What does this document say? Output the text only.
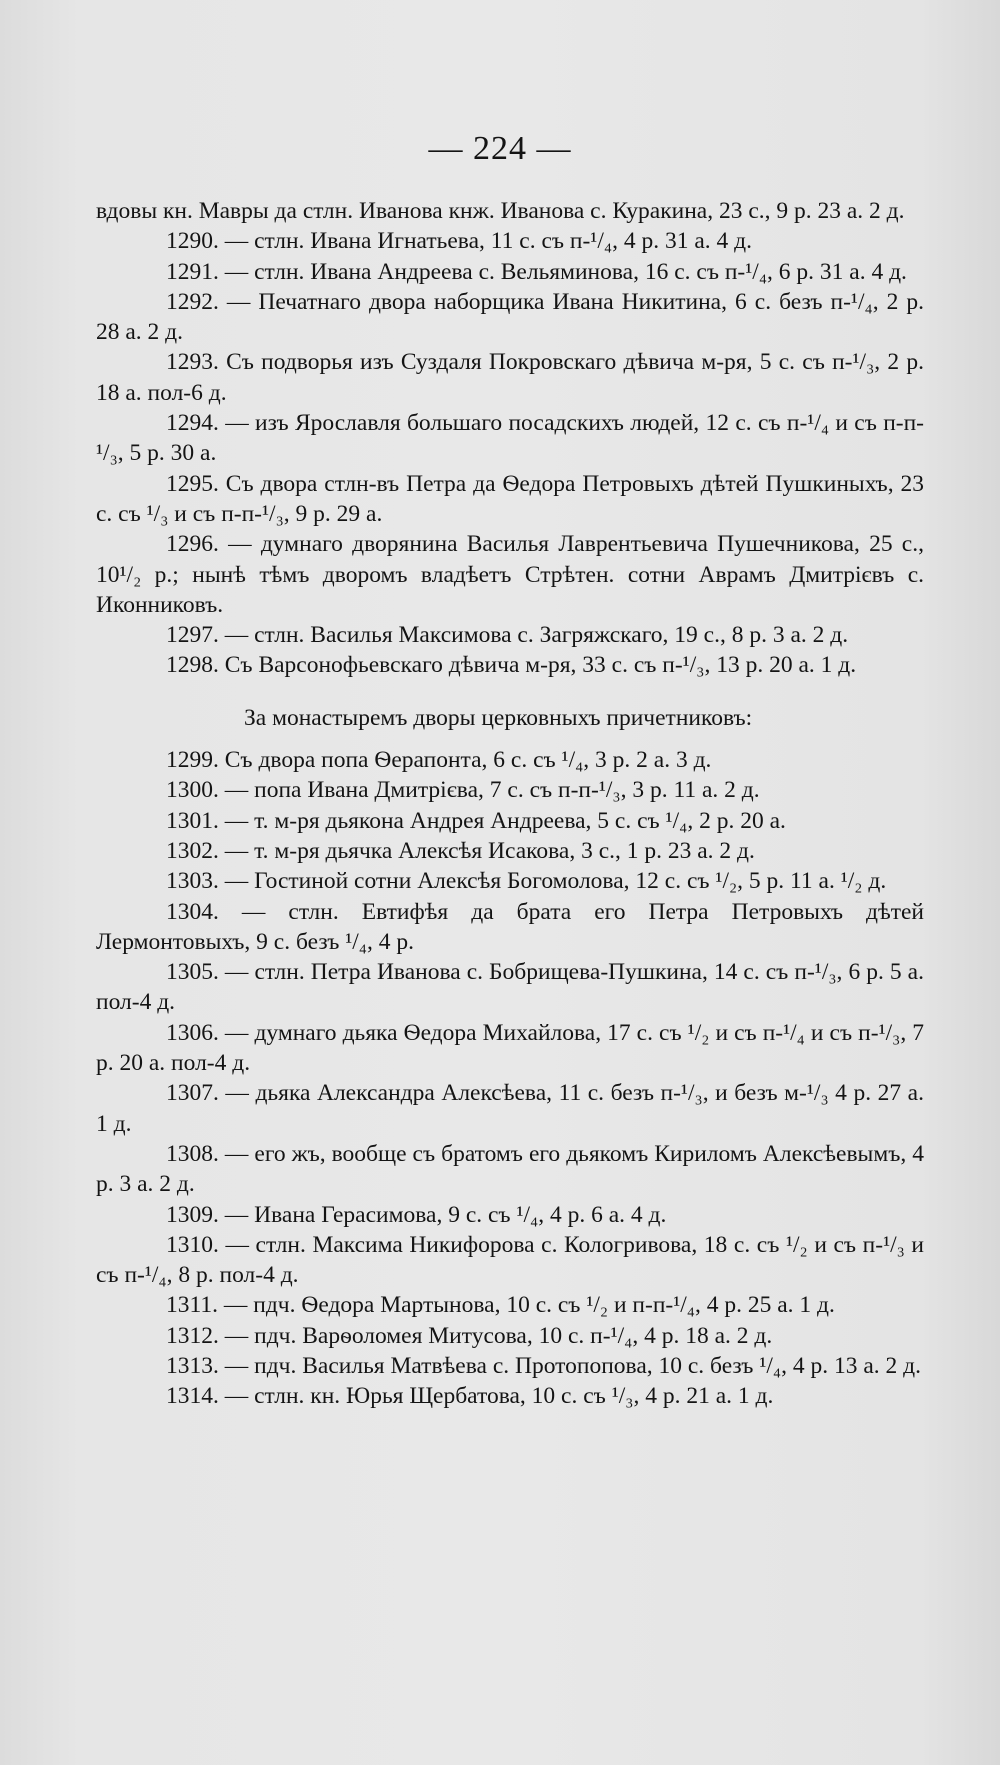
— 224 —

вдовы кн. Мавры да стлн. Иванова кнж. Иванова с. Куракина, 23 с., 9 р. 23 а. 2 д.

1290. — стлн. Ивана Игнатьева, 11 с. съ п-¹/₄, 4 р. 31 а. 4 д.

1291. — стлн. Ивана Андреева с. Вельяминова, 16 с. съ п-¹/₄, 6 р. 31 а. 4 д.

1292. — Печатнаго двора наборщика Ивана Никитина, 6 с. безъ п-¹/₄, 2 р. 28 а. 2 д.

1293. Съ подворья изъ Суздаля Покровскаго дѣвича м-ря, 5 с. съ п-¹/₃, 2 р. 18 а. пол-6 д.

1294. — изъ Ярославля большаго посадскихъ людей, 12 с. съ п-¹/₄ и съ п-п-¹/₃, 5 р. 30 а.

1295. Съ двора стлн-въ Петра да Ѳедора Петровыхъ дѣтей Пушкиныхъ, 23 с. съ ¹/₃ и съ п-п-¹/₃, 9 р. 29 а.

1296. — думнаго дворянина Василья Лаврентьевича Пушечникова, 25 с., 10¹/₂ р.; нынѣ тѣмъ дворомъ владѣетъ Стрѣтен. сотни Аврамъ Дмитрієвъ с. Иконниковъ.

1297. — стлн. Василья Максимова с. Загряжскаго, 19 с., 8 р. 3 а. 2 д.

1298. Съ Варсонофьевскаго дѣвича м-ря, 33 с. съ п-¹/₃, 13 р. 20 а. 1 д.

За монастыремъ дворы церковныхъ причетниковъ:

1299. Съ двора попа Ѳерапонта, 6 с. съ ¹/₄, 3 р. 2 а. 3 д.

1300. — попа Ивана Дмитрієва, 7 с. съ п-п-¹/₃, 3 р. 11 а. 2 д.

1301. — т. м-ря дьякона Андрея Андреева, 5 с. съ ¹/₄, 2 р. 20 а.

1302. — т. м-ря дьячка Алексѣя Исакова, 3 с., 1 р. 23 а. 2 д.

1303. — Гостиной сотни Алексѣя Богомолова, 12 с. съ ¹/₂, 5 р. 11 а. ¹/₂ д.

1304. — стлн. Евтифѣя да брата его Петра Петровыхъ дѣтей Лермонтовыхъ, 9 с. безъ ¹/₄, 4 р.

1305. — стлн. Петра Иванова с. Бобрищева-Пушкина, 14 с. съ п-¹/₃, 6 р. 5 а. пол-4 д.

1306. — думнаго дьяка Ѳедора Михайлова, 17 с. съ ¹/₂ и съ п-¹/₄ и съ п-¹/₃, 7 р. 20 а. пол-4 д.

1307. — дьяка Александра Алексѣева, 11 с. безъ п-¹/₃, и безъ м-¹/₃ 4 р. 27 а. 1 д.

1308. — его жъ, вообще съ братомъ его дьякомъ Кириломъ Алексѣевымъ, 4 р. 3 а. 2 д.

1309. — Ивана Герасимова, 9 с. съ ¹/₄, 4 р. 6 а. 4 д.

1310. — стлн. Максима Никифорова с. Кологривова, 18 с. съ ¹/₂ и съ п-¹/₃ и съ п-¹/₄, 8 р. пол-4 д.

1311. — пдч. Ѳедора Мартынова, 10 с. съ ¹/₂ и п-п-¹/₄, 4 р. 25 а. 1 д.

1312. — пдч. Варѳоломея Митусова, 10 с. п-¹/₄, 4 р. 18 а. 2 д.

1313. — пдч. Василья Матвѣева с. Протопопова, 10 с. безъ ¹/₄, 4 р. 13 а. 2 д.

1314. — стлн. кн. Юрья Щербатова, 10 с. съ ¹/₃, 4 р. 21 а. 1 д.
